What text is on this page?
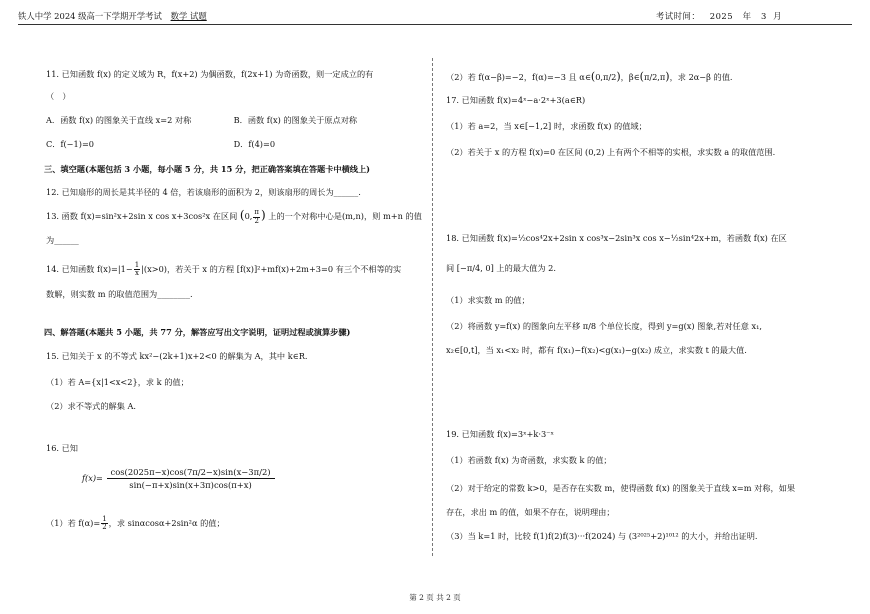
铁人中学 2024 级高一下学期开学考试 数学 试题	考试时间： 2025 年 3 月
11. 已知函数 f(x) 的定义域为 R，f(x+2) 为偶函数，f(2x+1) 为奇函数，则一定成立的有
（　）
A．函数 f(x) 的图象关于直线 x=2 对称	B．函数 f(x) 的图象关于原点对称
C．f(−1)=0	D．f(4)=0
三、填空题(本题包括 3 小题，每小题 5 分，共 15 分，把正确答案填在答题卡中横线上)
12. 已知扇形的周长是其半径的 4 倍，若该扇形的面积为 2，则该扇形的周长为______.
13. 函数 f(x)=sin²x+2sin x cos x+3cos²x 在区间 (0, $\frac{\pi}{2}$ ) 上的一个对称中心是(m,n)，则 m+n 的值
为______
14. 已知函数 $f(x)=|1- \frac{1}{x} |(x>0)$，若关于 x 的方程 [f(x)]²+mf(x)+2m+3=0 有三个不相等的实
数解，则实数 m 的取值范围为________.
四、解答题(本题共 5 小题，共 77 分，解答应写出文字说明，证明过程或演算步骤)
15. 已知关于 x 的不等式 kx²−(2k+1)x+2<0 的解集为 A，其中 k∈R.
（1）若 A={x|1<x<2}，求 k 的值；
（2）求不等式的解集 A.
16. 已知
$f(x)= \frac{\cos(2025\pi-x)\cos(7\pi/2-x)\sin(x-3\pi/2)}{\sin(-\pi+x)\sin(x+3\pi)\cos(\pi+x)}$
（1）若 $f(\alpha)= \frac{1}{2}$ ，求 sinαcosα+2sin²α 的值；
（2）若 f(α−β)=−2，f(α)=−3 且 α∈(0,π/2)，β∈(π/2,π)，求 2α−β 的值.
17. 已知函数 f(x)=4ˣ−a·2ˣ+3(a∈R)
（1）若 a=2，当 x∈[−1,2] 时，求函数 f(x) 的值域；
（2）若关于 x 的方程 f(x)=0 在区间 (0,2) 上有两个不相等的实根，求实数 a 的取值范围.
18. 已知函数 f(x)=½cos⁴2x+2sin x cos³x−2sin³x cos x−½sin⁴2x+m，若函数 f(x) 在区
间 [−π/4, 0] 上的最大值为 2.
（1）求实数 m 的值；
（2）将函数 y=f(x) 的图象向左平移 π/8 个单位长度，得到 y=g(x) 图象,若对任意 x₁,
x₂∈[0,t]，当 x₁<x₂ 时，都有 f(x₁)−f(x₂)<g(x₁)−g(x₂) 成立，求实数 t 的最大值.
19. 已知函数 f(x)=3ˣ+k·3⁻ˣ
（1）若函数 f(x) 为奇函数，求实数 k 的值；
（2）对于给定的常数 k>0，是否存在实数 m，使得函数 f(x) 的图象关于直线 x=m 对称，如果
存在，求出 m 的值，如果不存在，说明理由；
（3）当 k=1 时，比较 f(1)f(2)f(3)···f(2024) 与 (3²⁰²⁵+2)¹⁰¹² 的大小，并给出证明.
第 2 页 共 2 页
